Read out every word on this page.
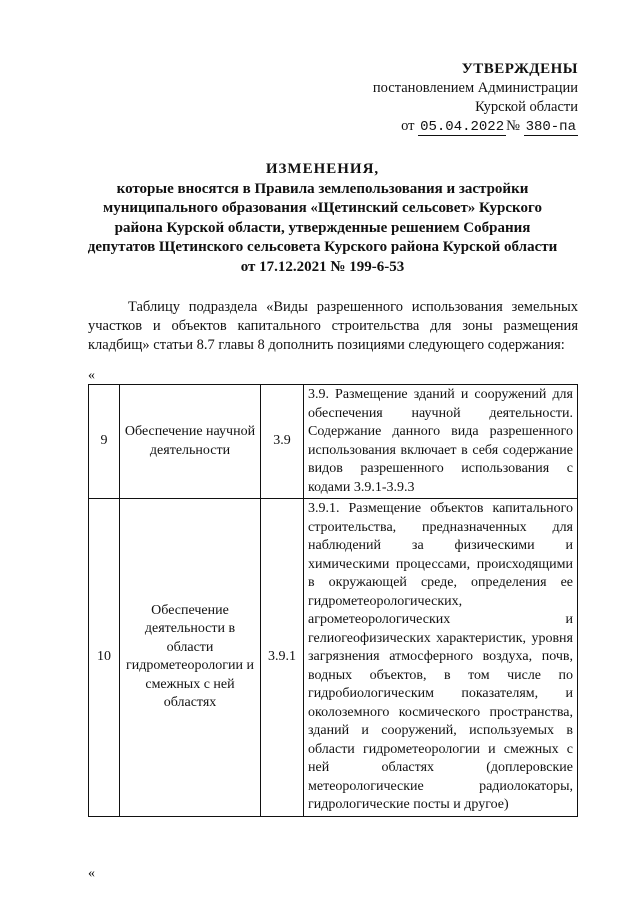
УТВЕРЖДЕНЫ
постановлением Администрации
Курской области
от 05.04.2022 № 380-па
ИЗМЕНЕНИЯ,
которые вносятся в Правила землепользования и застройки муниципального образования «Щетинский сельсовет» Курского района Курской области, утвержденные решением Собрания депутатов Щетинского сельсовета Курского района Курской области от 17.12.2021 № 199-6-53
Таблицу подраздела «Виды разрешенного использования земельных участков и объектов капитального строительства для зоны размещения кладбищ» статьи 8.7 главы 8 дополнить позициями следующего содержания:
«
9	Обеспечение научной деятельности	3.9	3.9. Размещение зданий и сооружений для обеспечения научной деятельности. Содержание данного вида разрешенного использования включает в себя содержание видов разрешенного использования с кодами 3.9.1-3.9.3
10	Обеспечение деятельности в области гидрометеорологии и смежных с ней областях	3.9.1	3.9.1. Размещение объектов капитального строительства, предназначенных для наблюдений за физическими и химическими процессами, происходящими в окружающей среде, определения ее гидрометеорологических, агрометеорологических и гелиогеофизических характеристик, уровня загрязнения атмосферного воздуха, почв, водных объектов, в том числе по гидробиологическим показателям, и околоземного космического пространства, зданий и сооружений, используемых в области гидрометеорологии и смежных с ней областях (доплеровские метеорологические радиолокаторы, гидрологические посты и другое)
«
